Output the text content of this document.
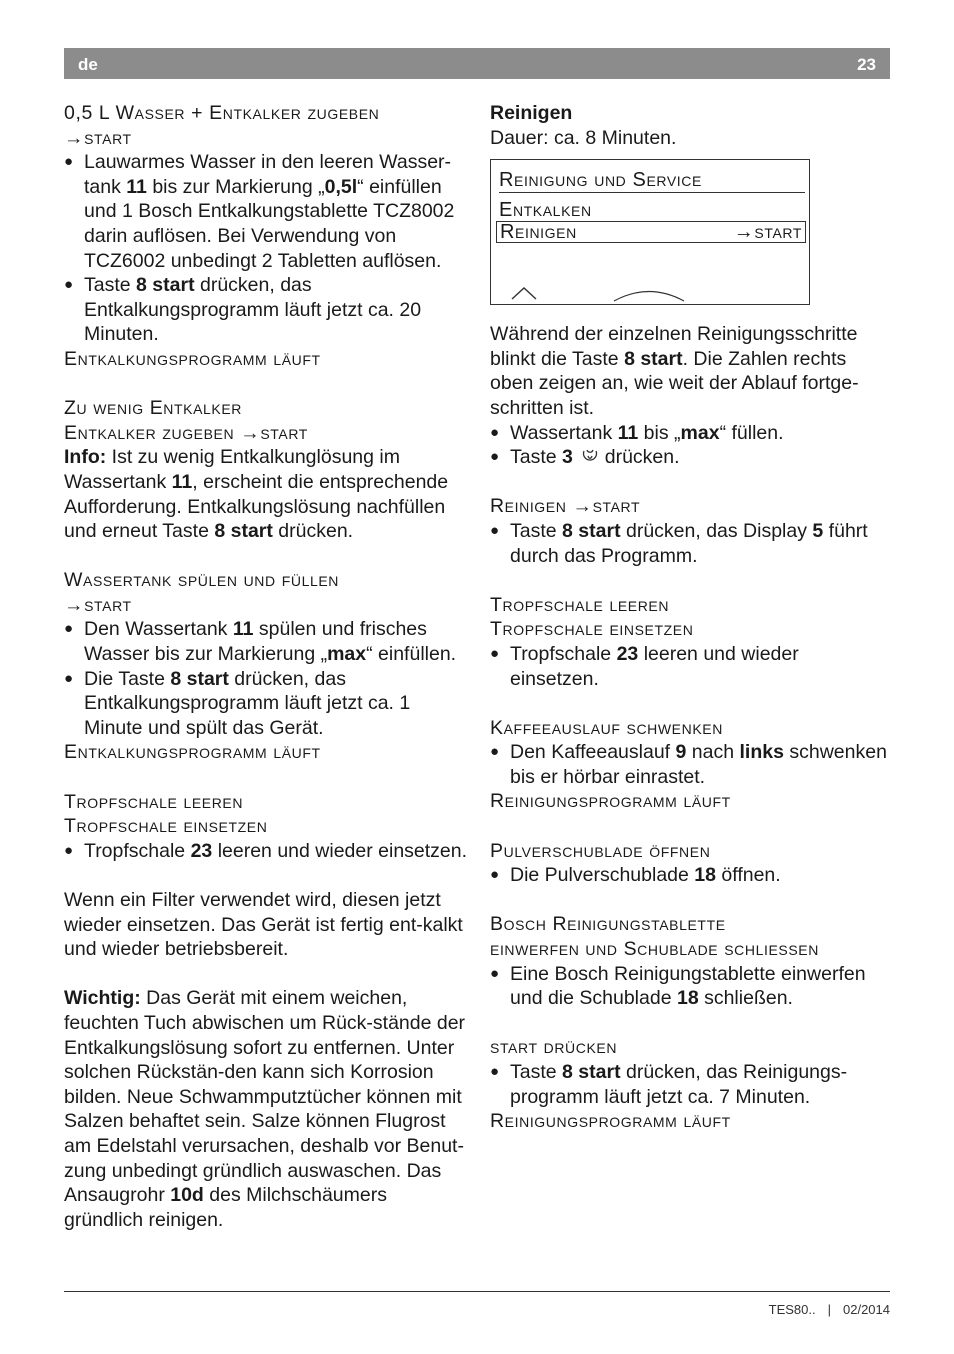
de	23

0,5 L Wasser + Entkalker zugeben

→start

● Lauwarmes Wasser in den leeren Wasser-tank 11 bis zur Markierung „0,5l“ einfüllen und 1 Bosch Entkalkungstablette TCZ8002 darin auflösen. Bei Verwendung von TCZ6002 unbedingt 2 Tabletten auflösen.

● Taste 8 start drücken, das Entkalkungsprogramm läuft jetzt ca. 20 Minuten.

Entkalkungsprogramm läuft

Zu wenig Entkalker

Entkalker zugeben →start

Info: Ist zu wenig Entkalkunglösung im Wassertank 11, erscheint die entsprechende Aufforderung. Entkalkungslösung nachfüllen und erneut Taste 8 start drücken.

Wassertank spülen und füllen

→start

● Den Wassertank 11 spülen und frisches Wasser bis zur Markierung „max“ einfüllen.

● Die Taste 8 start drücken, das Entkalkungsprogramm läuft jetzt ca. 1 Minute und spült das Gerät.

Entkalkungsprogramm läuft

Tropfschale leeren

Tropfschale einsetzen

● Tropfschale 23 leeren und wieder einsetzen.

Wenn ein Filter verwendet wird, diesen jetzt wieder einsetzen. Das Gerät ist fertig ent-kalkt und wieder betriebsbereit.

Wichtig: Das Gerät mit einem weichen, feuchten Tuch abwischen um Rück-stände der Entkalkungslösung sofort zu entfernen. Unter solchen Rückstän-den kann sich Korrosion bilden. Neue Schwammputztücher können mit Salzen behaftet sein. Salze können Flugrost am Edelstahl verursachen, deshalb vor Benut-zung unbedingt gründlich auswaschen. Das Ansaugrohr 10d des Milchschäumers gründlich reinigen.

Reinigen

Dauer: ca. 8 Minuten.

Reinigung und Service
Entkalken
Reinigen	→start

Während der einzelnen Reinigungsschritte blinkt die Taste 8 start. Die Zahlen rechts oben zeigen an, wie weit der Ablauf fortge-schritten ist.

● Wassertank 11 bis „max“ füllen.

● Taste 3  drücken.

Reinigen →start

● Taste 8 start drücken, das Display 5 führt durch das Programm.

Tropfschale leeren

Tropfschale einsetzen

● Tropfschale 23 leeren und wieder einsetzen.

Kaffeeauslauf schwenken

● Den Kaffeeauslauf 9 nach links schwenken bis er hörbar einrastet.

Reinigungsprogramm läuft

Pulverschublade öffnen

● Die Pulverschublade 18 öffnen.

Bosch Reinigungstablette

einwerfen und Schublade schliessen

● Eine Bosch Reinigungstablette einwerfen und die Schublade 18 schließen.

start drücken

● Taste 8 start drücken, das Reinigungs-programm läuft jetzt ca. 7 Minuten.

Reinigungsprogramm läuft

TES80.. | 02/2014
